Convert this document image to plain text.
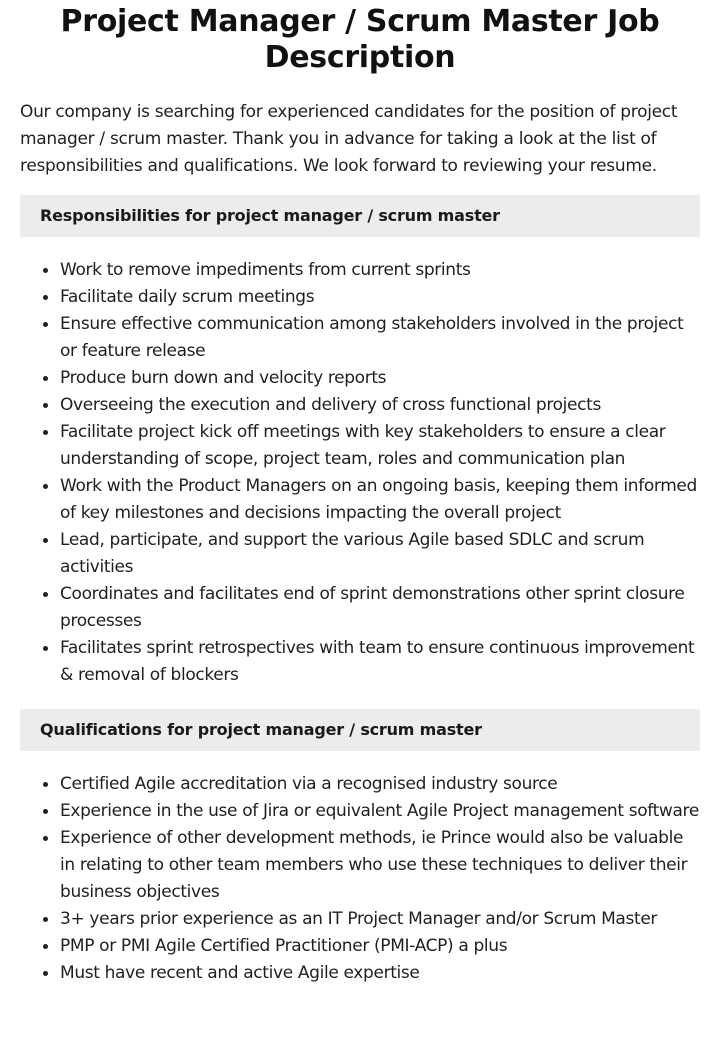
Project Manager / Scrum Master Job Description

Our company is searching for experienced candidates for the position of project manager / scrum master. Thank you in advance for taking a look at the list of responsibilities and qualifications. We look forward to reviewing your resume.

Responsibilities for project manager / scrum master
Work to remove impediments from current sprints
Facilitate daily scrum meetings
Ensure effective communication among stakeholders involved in the project or feature release
Produce burn down and velocity reports
Overseeing the execution and delivery of cross functional projects
Facilitate project kick off meetings with key stakeholders to ensure a clear understanding of scope, project team, roles and communication plan
Work with the Product Managers on an ongoing basis, keeping them informed of key milestones and decisions impacting the overall project
Lead, participate, and support the various Agile based SDLC and scrum activities
Coordinates and facilitates end of sprint demonstrations other sprint closure processes
Facilitates sprint retrospectives with team to ensure continuous improvement & removal of blockers
Qualifications for project manager / scrum master
Certified Agile accreditation via a recognised industry source
Experience in the use of Jira or equivalent Agile Project management software
Experience of other development methods, ie Prince would also be valuable in relating to other team members who use these techniques to deliver their business objectives
3+ years prior experience as an IT Project Manager and/or Scrum Master
PMP or PMI Agile Certified Practitioner (PMI-ACP) a plus
Must have recent and active Agile expertise
